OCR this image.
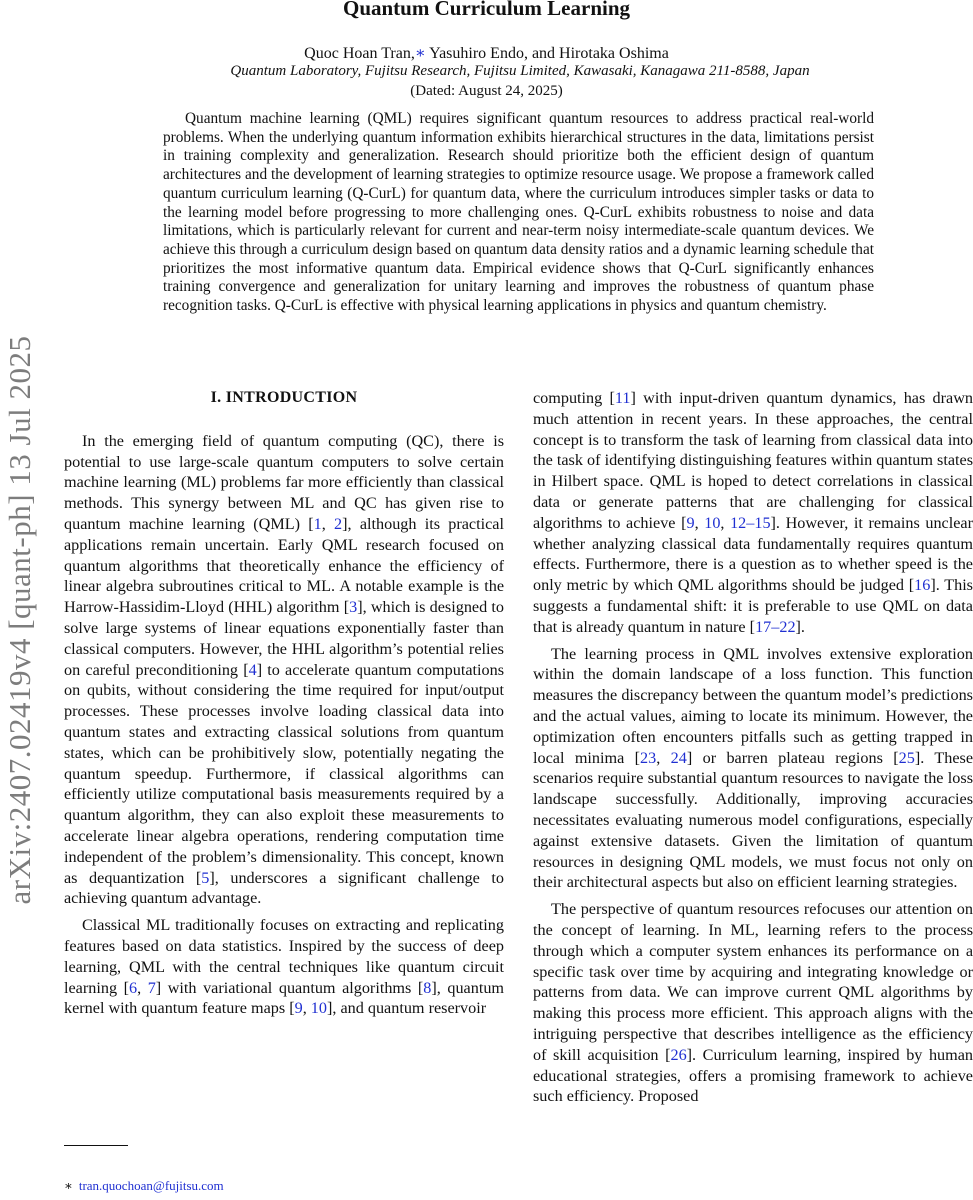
arXiv:2407.02419v4 [quant-ph] 13 Jul 2025
Quantum Curriculum Learning

Quoc Hoan Tran,∗ Yasuhiro Endo, and Hirotaka Oshima

Quantum Laboratory, Fujitsu Research, Fujitsu Limited, Kawasaki, Kanagawa 211-8588, Japan

(Dated: August 24, 2025)

Quantum machine learning (QML) requires significant quantum resources to address practical real-world problems. When the underlying quantum information exhibits hierarchical structures in the data, limitations persist in training complexity and generalization. Research should prioritize both the efficient design of quantum architectures and the development of learning strategies to optimize resource usage. We propose a framework called quantum curriculum learning (Q-CurL) for quantum data, where the curriculum introduces simpler tasks or data to the learning model before progressing to more challenging ones. Q-CurL exhibits robustness to noise and data limitations, which is particularly relevant for current and near-term noisy intermediate-scale quantum devices. We achieve this through a curriculum design based on quantum data density ratios and a dynamic learning schedule that prioritizes the most informative quantum data. Empirical evidence shows that Q-CurL significantly enhances training convergence and generalization for unitary learning and improves the robustness of quantum phase recognition tasks. Q-CurL is effective with physical learning applications in physics and quantum chemistry.

I. INTRODUCTION

In the emerging field of quantum computing (QC), there is potential to use large-scale quantum computers to solve certain machine learning (ML) problems far more efficiently than classical methods. This synergy between ML and QC has given rise to quantum machine learning (QML) [1, 2], although its practical applications remain uncertain. Early QML research focused on quantum algorithms that theoretically enhance the efficiency of linear algebra subroutines critical to ML. A notable example is the Harrow-Hassidim-Lloyd (HHL) algorithm [3], which is designed to solve large systems of linear equations exponentially faster than classical computers. However, the HHL algorithm’s potential relies on careful preconditioning [4] to accelerate quantum computations on qubits, without considering the time required for input/output processes. These processes involve loading classical data into quantum states and extracting classical solutions from quantum states, which can be prohibitively slow, potentially negating the quantum speedup. Furthermore, if classical algorithms can efficiently utilize computational basis measurements required by a quantum algorithm, they can also exploit these measurements to accelerate linear algebra operations, rendering computation time independent of the problem’s dimensionality. This concept, known as dequantization [5], underscores a significant challenge to achieving quantum advantage.

Classical ML traditionally focuses on extracting and replicating features based on data statistics. Inspired by the success of deep learning, QML with the central techniques like quantum circuit learning [6, 7] with variational quantum algorithms [8], quantum kernel with quantum feature maps [9, 10], and quantum reservoir

computing [11] with input-driven quantum dynamics, has drawn much attention in recent years. In these approaches, the central concept is to transform the task of learning from classical data into the task of identifying distinguishing features within quantum states in Hilbert space. QML is hoped to detect correlations in classical data or generate patterns that are challenging for classical algorithms to achieve [9, 10, 12–15]. However, it remains unclear whether analyzing classical data fundamentally requires quantum effects. Furthermore, there is a question as to whether speed is the only metric by which QML algorithms should be judged [16]. This suggests a fundamental shift: it is preferable to use QML on data that is already quantum in nature [17–22].

The learning process in QML involves extensive exploration within the domain landscape of a loss function. This function measures the discrepancy between the quantum model’s predictions and the actual values, aiming to locate its minimum. However, the optimization often encounters pitfalls such as getting trapped in local minima [23, 24] or barren plateau regions [25]. These scenarios require substantial quantum resources to navigate the loss landscape successfully. Additionally, improving accuracies necessitates evaluating numerous model configurations, especially against extensive datasets. Given the limitation of quantum resources in designing QML models, we must focus not only on their architectural aspects but also on efficient learning strategies.

The perspective of quantum resources refocuses our attention on the concept of learning. In ML, learning refers to the process through which a computer system enhances its performance on a specific task over time by acquiring and integrating knowledge or patterns from data. We can improve current QML algorithms by making this process more efficient. This approach aligns with the intriguing perspective that describes intelligence as the efficiency of skill acquisition [26]. Curriculum learning, inspired by human educational strategies, offers a promising framework to achieve such efficiency. Proposed

∗ tran.quochoan@fujitsu.com
